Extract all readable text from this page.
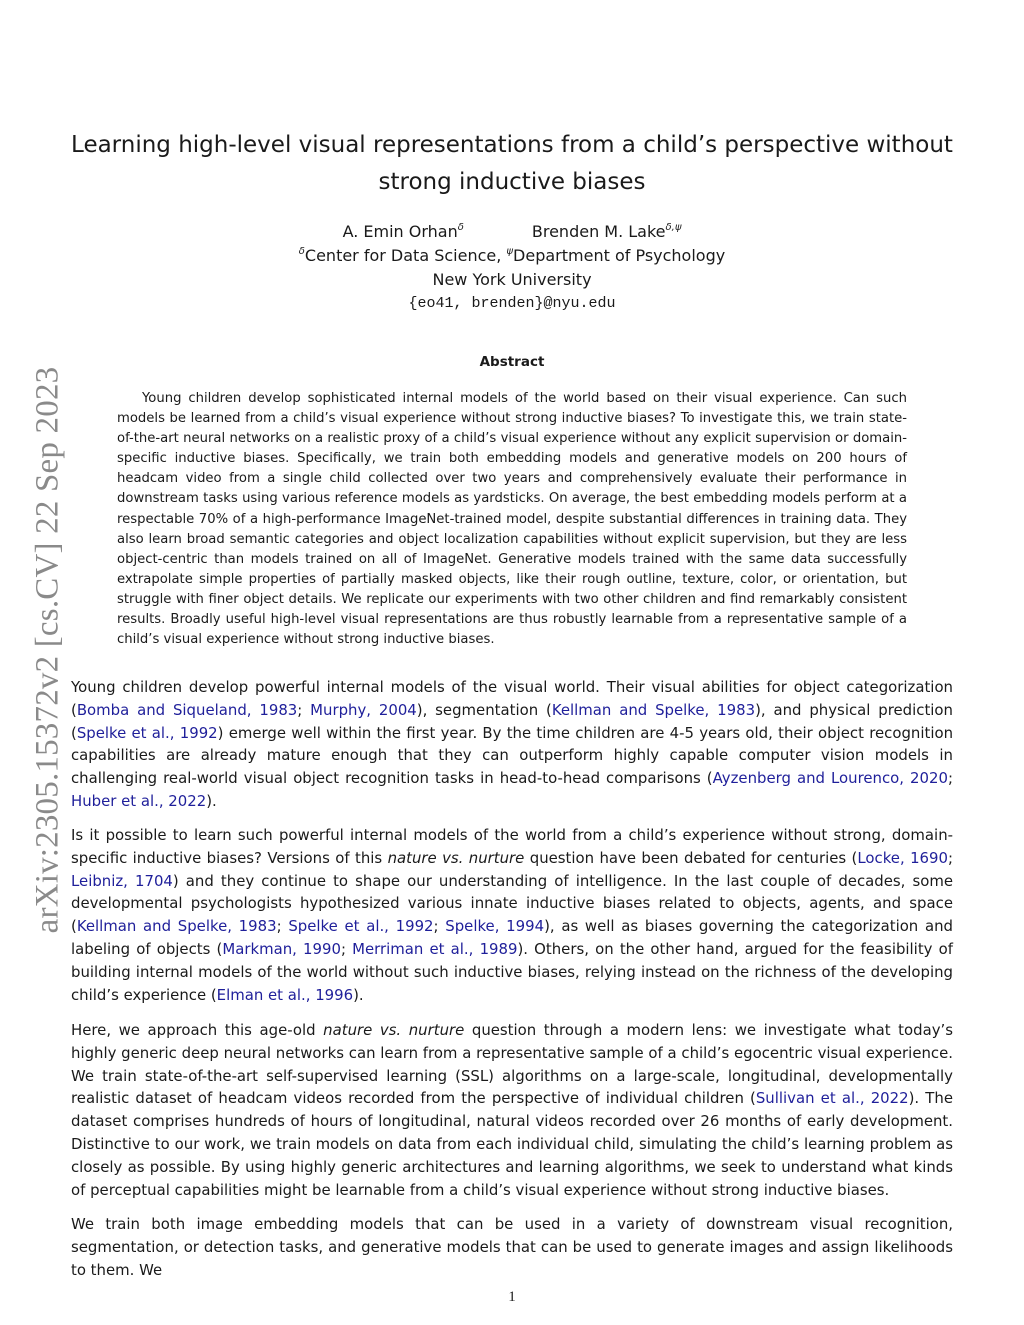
arXiv:2305.15372v2 [cs.CV] 22 Sep 2023
Learning high-level visual representations from a child’s perspective without
strong inductive biases
A. Emin Orhan$^\delta$	Brenden M. Lake$^{\delta,\psi}$
$^\delta$Center for Data Science, $^\psi$Department of Psychology
New York University
{eo41, brenden}@nyu.edu
Abstract

Young children develop sophisticated internal models of the world based on their visual experience. Can such models be learned from a child’s visual experience without strong inductive biases? To investigate this, we train state-of-the-art neural networks on a realistic proxy of a child’s visual experience without any explicit supervision or domain-specific inductive biases. Specifically, we train both embedding models and generative models on 200 hours of headcam video from a single child collected over two years and comprehensively evaluate their performance in downstream tasks using various reference models as yardsticks. On average, the best embedding models perform at a respectable 70% of a high-performance ImageNet-trained model, despite substantial differences in training data. They also learn broad semantic categories and object localization capabilities without explicit supervision, but they are less object-centric than models trained on all of ImageNet. Generative models trained with the same data successfully extrapolate simple properties of partially masked objects, like their rough outline, texture, color, or orientation, but struggle with finer object details. We replicate our experiments with two other children and find remarkably consistent results. Broadly useful high-level visual representations are thus robustly learnable from a representative sample of a child’s visual experience without strong inductive biases.

Young children develop powerful internal models of the visual world. Their visual abilities for object categorization (Bomba and Siqueland, 1983; Murphy, 2004), segmentation (Kellman and Spelke, 1983), and physical prediction (Spelke et al., 1992) emerge well within the first year. By the time children are 4-5 years old, their object recognition capabilities are already mature enough that they can outperform highly capable computer vision models in challenging real-world visual object recognition tasks in head-to-head comparisons (Ayzenberg and Lourenco, 2020; Huber et al., 2022).

Is it possible to learn such powerful internal models of the world from a child’s experience without strong, domain-specific inductive biases? Versions of this nature vs. nurture question have been debated for centuries (Locke, 1690; Leibniz, 1704) and they continue to shape our understanding of intelligence. In the last couple of decades, some developmental psychologists hypothesized various innate inductive biases related to objects, agents, and space (Kellman and Spelke, 1983; Spelke et al., 1992; Spelke, 1994), as well as biases governing the categorization and labeling of objects (Markman, 1990; Merriman et al., 1989). Others, on the other hand, argued for the feasibility of building internal models of the world without such inductive biases, relying instead on the richness of the developing child’s experience (Elman et al., 1996).

Here, we approach this age-old nature vs. nurture question through a modern lens: we investigate what today’s highly generic deep neural networks can learn from a representative sample of a child’s egocentric visual experience. We train state-of-the-art self-supervised learning (SSL) algorithms on a large-scale, longitudinal, developmentally realistic dataset of headcam videos recorded from the perspective of individual children (Sullivan et al., 2022). The dataset comprises hundreds of hours of longitudinal, natural videos recorded over 26 months of early development. Distinctive to our work, we train models on data from each individual child, simulating the child’s learning problem as closely as possible. By using highly generic architectures and learning algorithms, we seek to understand what kinds of perceptual capabilities might be learnable from a child’s visual experience without strong inductive biases.

We train both image embedding models that can be used in a variety of downstream visual recognition, segmentation, or detection tasks, and generative models that can be used to generate images and assign likelihoods to them. We

1
